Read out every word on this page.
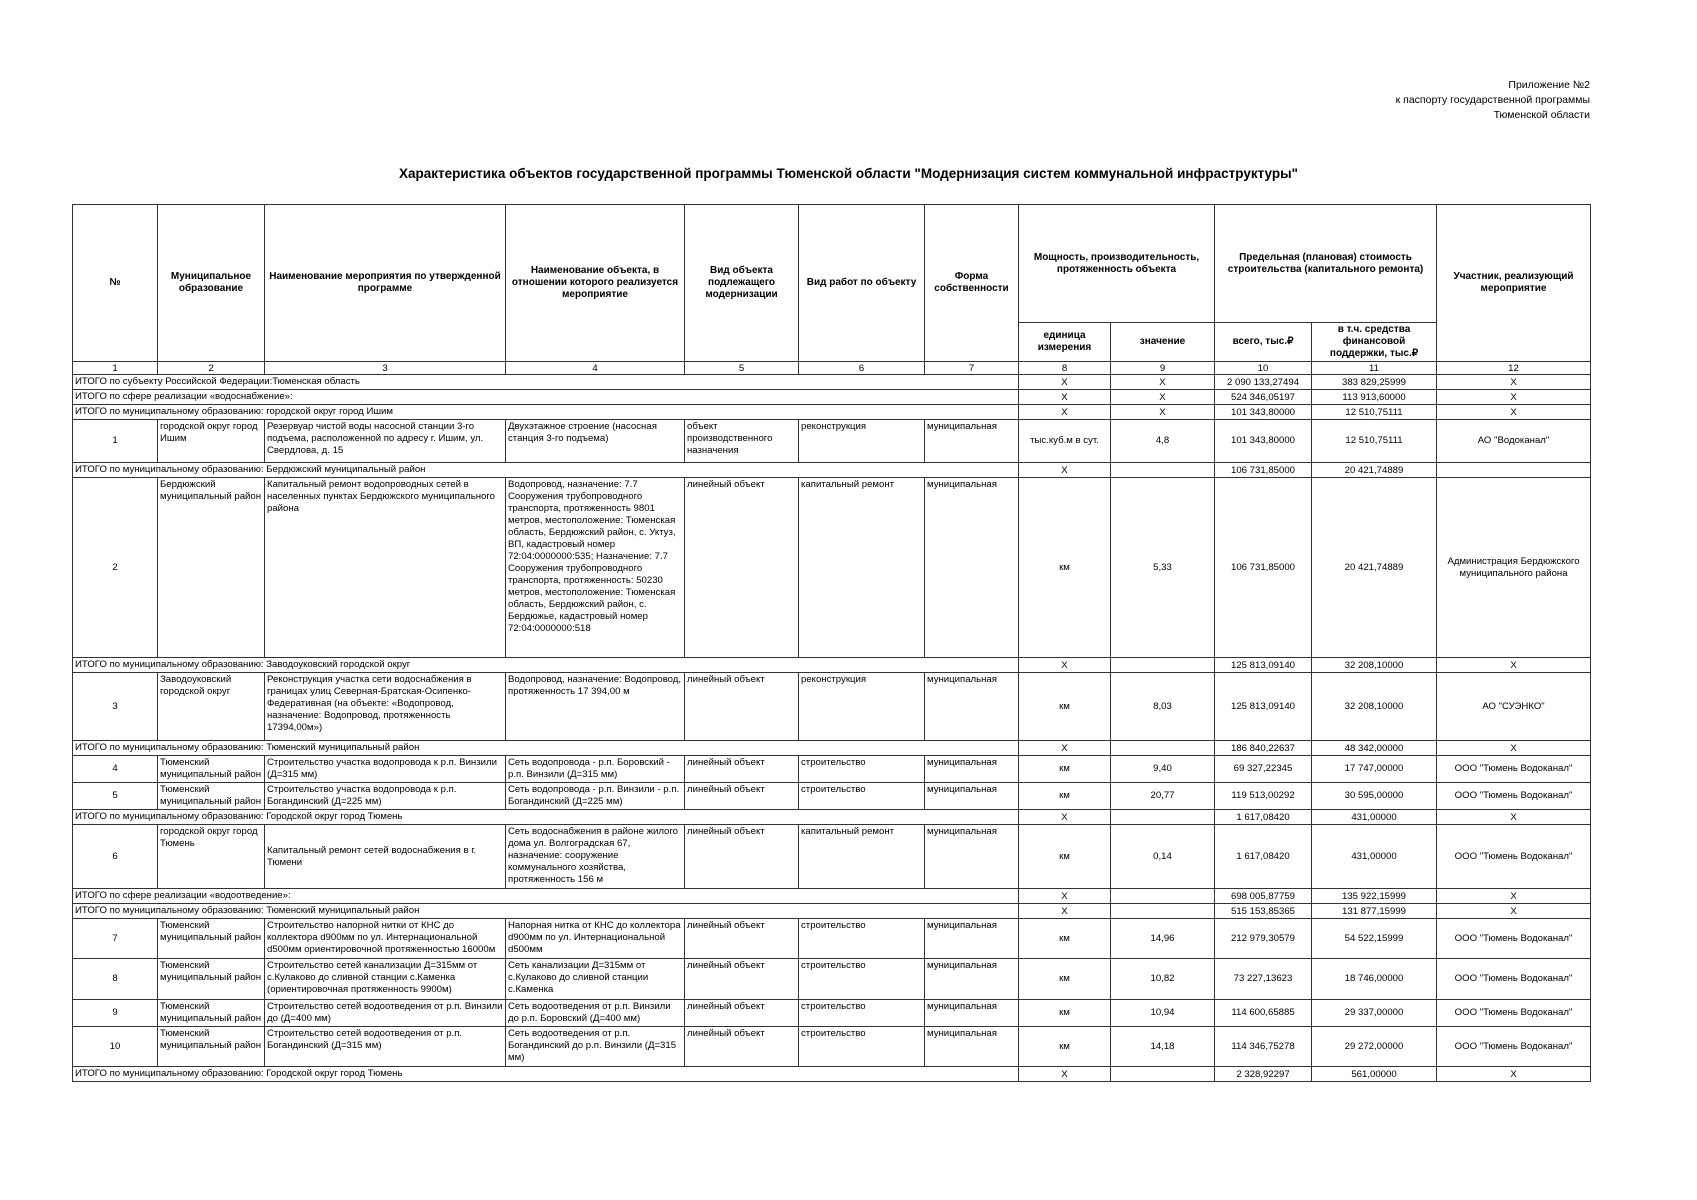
Приложение №2
к паспорту государственной программы
Тюменской области
Характеристика объектов государственной программы Тюменской области "Модернизация систем коммунальной инфраструктуры"
№	Муниципальное образование	Наименование мероприятия по утвержденной программе	Наименование объекта, в отношении которого реализуется мероприятие	Вид объекта подлежащего модернизации	Вид работ по объекту	Форма собственности	Мощность, производительность, протяженность объекта		Предельная (плановая) стоимость строительства (капитального ремонта)		Участник, реализующий мероприятие
							единица измерения	значение	всего, тыс.₽	в т.ч. средства финансовой поддержки, тыс.₽	
1	2	3	4	5	6	7	8	9	10	11	12
ИТОГО по субъекту Российской Федерации:Тюменская область							X	X	2 090 133,27494	383 829,25999	X
ИТОГО по сфере реализации «водоснабжение»:							X	X	524 346,05197	113 913,60000	X
ИТОГО по муниципальному образованию: городской округ город Ишим							X	X	101 343,80000	12 510,75111	X
1	городской округ город Ишим	Резервуар чистой воды насосной станции 3-го подъема, расположенной по адресу г. Ишим, ул. Свердлова, д. 15	Двухэтажное строение (насосная станция 3-го подъема)	объект производственного назначения	реконструкция	муниципальная	тыс.куб.м в сут.	4,8	101 343,80000	12 510,75111	АО "Водоканал"
ИТОГО по муниципальному образованию: Бердюжский муниципальный район							X		106 731,85000	20 421,74889	
2	Бердюжский муниципальный район	Капитальный ремонт водопроводных сетей в населенных пунктах Бердюжского муниципального района	Водопровод, назначение: 7.7 Сооружения трубопроводного транспорта, протяженность 9801 метров, местоположение: Тюменская область, Бердюжский район, с. Уктуз, ВП, кадастровый номер 72:04:0000000:535; Назначение: 7.7 Сооружения трубопроводного транспорта, протяженность: 50230 метров, местоположение: Тюменская область, Бердюжский район, с. Бердюжье, кадастровый номер 72:04:0000000:518	линейный объект	капитальный ремонт	муниципальная	км	5,33	106 731,85000	20 421,74889	Администрация Бердюжского муниципального района
ИТОГО по муниципальному образованию: Заводоуковский городской округ							X		125 813,09140	32 208,10000	X
3	Заводоуковский городской округ	Реконструкция участка сети водоснабжения в границах улиц Северная-Братская-Осипенко-Федеративная (на объекте: «Водопровод, назначение: Водопровод, протяженность 17394,00м»)	Водопровод, назначение: Водопровод, протяженность 17 394,00 м	линейный объект	реконструкция	муниципальная	км	8,03	125 813,09140	32 208,10000	АО "СУЭНКО"
ИТОГО по муниципальному образованию: Тюменский муниципальный район							X		186 840,22637	48 342,00000	X
4	Тюменский муниципальный район	Строительство участка водопровода к р.п. Винзили (Д=315 мм)	Сеть водопровода - р.п. Боровский - р.п. Винзили (Д=315 мм)	линейный объект	строительство	муниципальная	км	9,40	69 327,22345	17 747,00000	ООО "Тюмень Водоканал"
5	Тюменский муниципальный район	Строительство участка водопровода к р.п. Богандинский (Д=225 мм)	Сеть водопровода - р.п. Винзили - р.п. Богандинский (Д=225 мм)	линейный объект	строительство	муниципальная	км	20,77	119 513,00292	30 595,00000	ООО "Тюмень Водоканал"
ИТОГО по муниципальному образованию: Городской округ город Тюмень							X		1 617,08420	431,00000	X
6	городской округ город Тюмень	Капитальный ремонт сетей водоснабжения в г. Тюмени	Сеть водоснабжения в районе жилого дома ул. Волгоградская 67, назначение: сооружение коммунального хозяйства, протяженность 156 м	линейный объект	капитальный ремонт	муниципальная	км	0,14	1 617,08420	431,00000	ООО "Тюмень Водоканал"
ИТОГО по сфере реализации «водоотведение»:							X		698 005,87759	135 922,15999	X
ИТОГО по муниципальному образованию: Тюменский муниципальный район							X		515 153,85365	131 877,15999	X
7	Тюменский муниципальный район	Строительство напорной нитки от КНС до коллектора d900мм по ул. Интернациональной d500мм ориентировочной протяженностью 16000м	Напорная нитка от КНС до коллектора d900мм по ул. Интернациональной d500мм	линейный объект	строительство	муниципальная	км	14,96	212 979,30579	54 522,15999	ООО "Тюмень Водоканал"
8	Тюменский муниципальный район	Строительство сетей канализации Д=315мм от с.Кулаково до сливной станции с.Каменка (ориентировочная протяженность 9900м)	Сеть канализации Д=315мм от с.Кулаково до сливной станции с.Каменка	линейный объект	строительство	муниципальная	км	10,82	73 227,13623	18 746,00000	ООО "Тюмень Водоканал"
9	Тюменский муниципальный район	Строительство сетей водоотведения от р.п. Винзили до (Д=400 мм)	Сеть водоотведения от р.п. Винзили до р.п. Боровский (Д=400 мм)	линейный объект	строительство	муниципальная	км	10,94	114 600,65885	29 337,00000	ООО "Тюмень Водоканал"
10	Тюменский муниципальный район	Строительство сетей водоотведения от р.п. Богандинский (Д=315 мм)	Сеть водоотведения от р.п. Богандинский до р.п. Винзили (Д=315 мм)	линейный объект	строительство	муниципальная	км	14,18	114 346,75278	29 272,00000	ООО "Тюмень Водоканал"
ИТОГО по муниципальному образованию: Городской округ город Тюмень							X		2 328,92297	561,00000	X
